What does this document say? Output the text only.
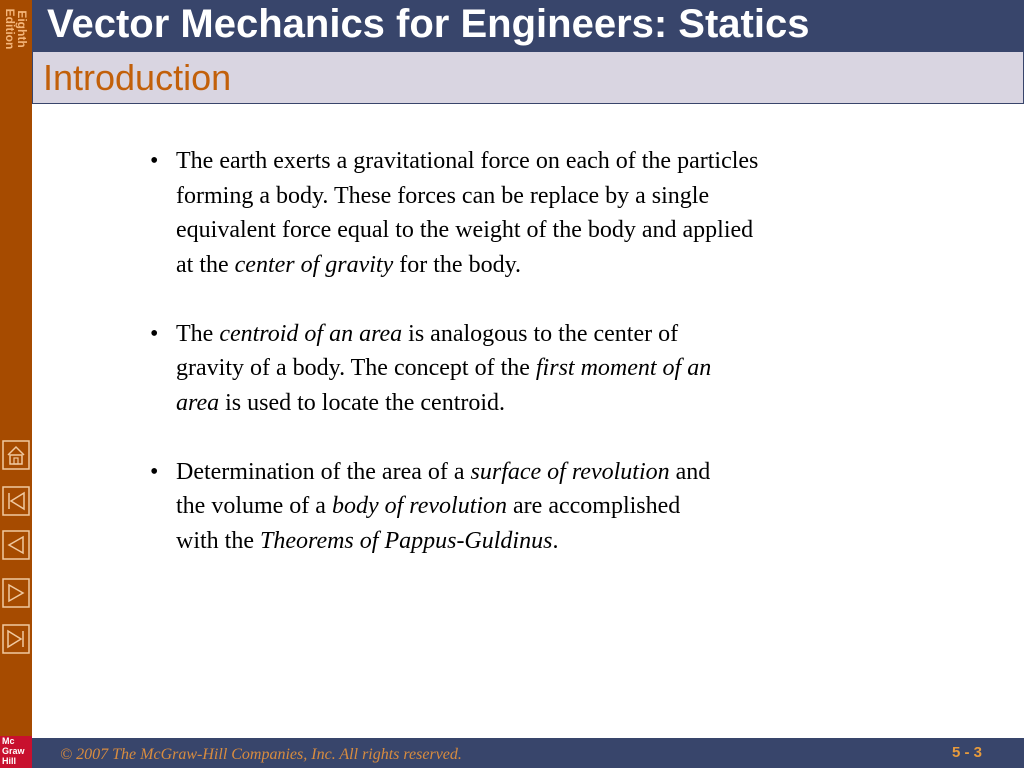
Eighth
Edition
Mc
Graw
Hill
Vector Mechanics for Engineers: Statics
Introduction
• The earth exerts a gravitational force on each of the particles
forming a body. These forces can be replace by a single
equivalent force equal to the weight of the body and applied
at the center of gravity for the body.
• The centroid of an area is analogous to the center of
gravity of a body. The concept of the first moment of an
area is used to locate the centroid.
• Determination of the area of a surface of revolution and
the volume of a body of revolution are accomplished
with the Theorems of Pappus-Guldinus.
© 2007 The McGraw-Hill Companies, Inc. All rights reserved.	5 - 3
